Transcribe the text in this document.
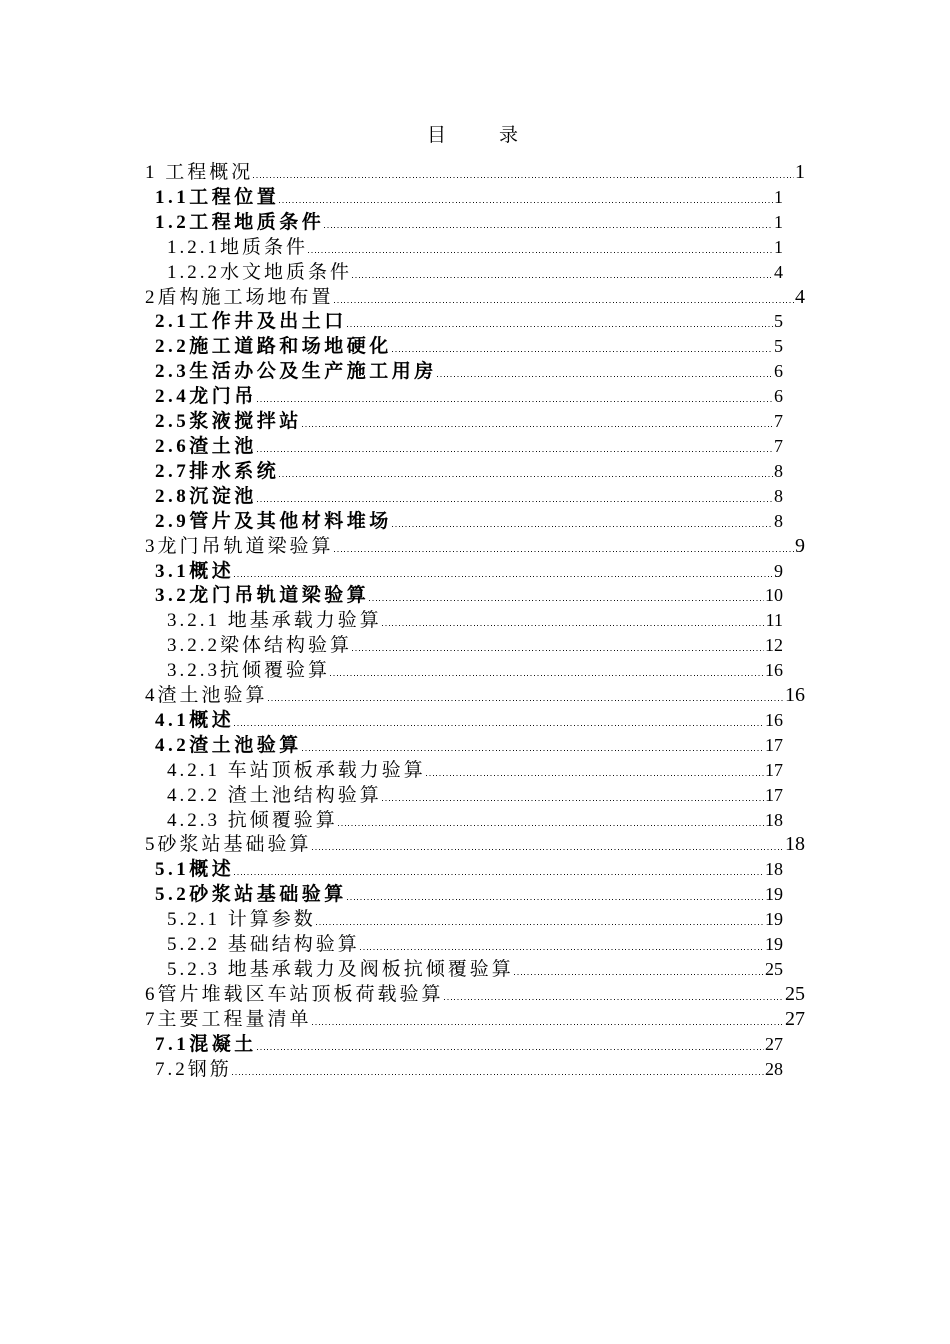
目　　录
1 工程概况	1
1.1工程位置	1
1.2工程地质条件	1
1.2.1地质条件	1
1.2.2水文地质条件	4
2盾构施工场地布置	4
2.1工作井及出土口	5
2.2施工道路和场地硬化	5
2.3生活办公及生产施工用房	6
2.4龙门吊	6
2.5浆液搅拌站	7
2.6渣土池	7
2.7排水系统	8
2.8沉淀池	8
2.9管片及其他材料堆场	8
3龙门吊轨道梁验算	9
3.1概述	9
3.2龙门吊轨道梁验算	10
3.2.1 地基承载力验算	11
3.2.2梁体结构验算	12
3.2.3抗倾覆验算	16
4渣土池验算	16
4.1概述	16
4.2渣土池验算	17
4.2.1 车站顶板承载力验算	17
4.2.2 渣土池结构验算	17
4.2.3 抗倾覆验算	18
5砂浆站基础验算	18
5.1概述	18
5.2砂浆站基础验算	19
5.2.1 计算参数	19
5.2.2 基础结构验算	19
5.2.3 地基承载力及阀板抗倾覆验算	25
6管片堆载区车站顶板荷载验算	25
7主要工程量清单	27
7.1混凝土	27
7.2钢筋	28
